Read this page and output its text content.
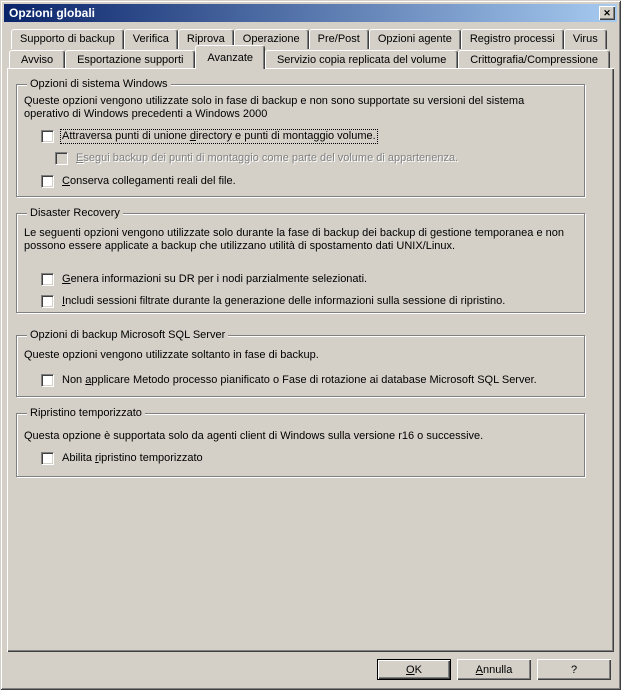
Opzioni globali	✕
Supporto di backup	Verifica	Riprova	Operazione	Pre/Post	Opzioni agente	Registro processi	Virus
Avviso	Esportazione supporti	Avanzate	Servizio copia replicata del volume	Crittografia/Compressione
Opzioni di sistema Windows
Queste opzioni vengono utilizzate solo in fase di backup e non sono supportate su versioni del sistema
operativo di Windows precedenti a Windows 2000
Attraversa punti di unione directory e punti di montaggio volume.
Esegui backup dei punti di montaggio come parte del volume di appartenenza.
Conserva collegamenti reali del file.
Disaster Recovery
Le seguenti opzioni vengono utilizzate solo durante la fase di backup dei backup di gestione temporanea e non
possono essere applicate a backup che utilizzano utilità di spostamento dati UNIX/Linux.
Genera informazioni su DR per i nodi parzialmente selezionati.
Includi sessioni filtrate durante la generazione delle informazioni sulla sessione di ripristino.
Opzioni di backup Microsoft SQL Server
Queste opzioni vengono utilizzate soltanto in fase di backup.
Non applicare Metodo processo pianificato o Fase di rotazione ai database Microsoft SQL Server.
Ripristino temporizzato
Questa opzione è supportata solo da agenti client di Windows sulla versione r16 o successive.
Abilita ripristino temporizzato
OK	Annulla	?
